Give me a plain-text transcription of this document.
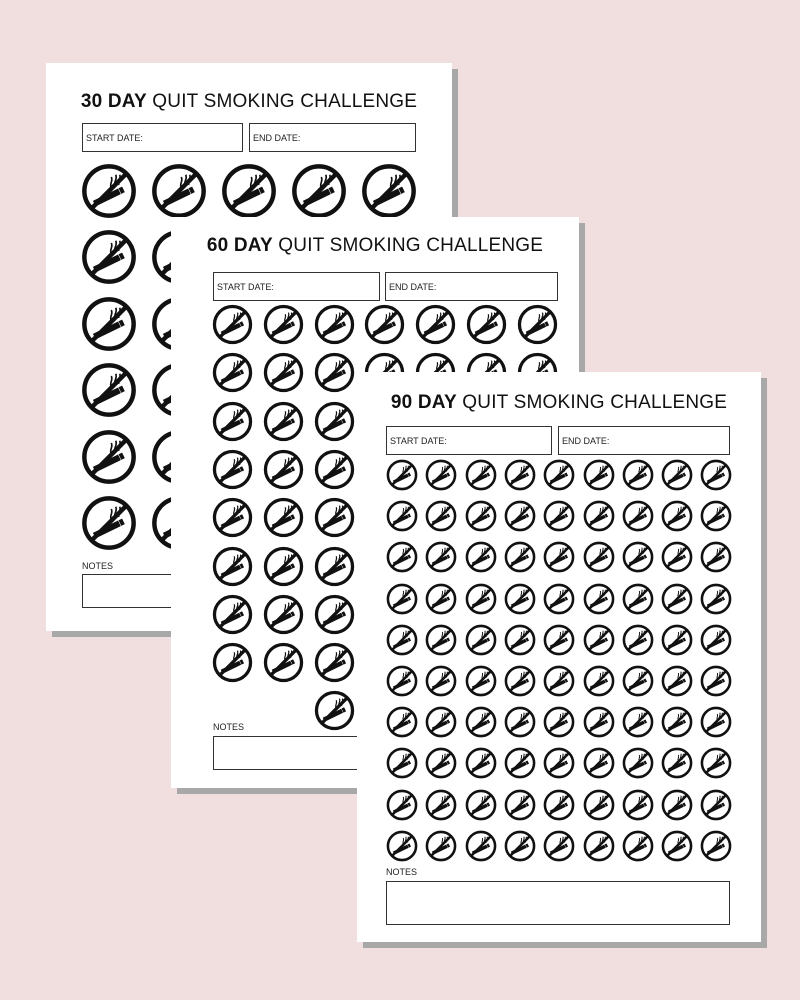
30 DAY QUIT SMOKING CHALLENGE
START DATE:	END DATE:
NOTES
60 DAY QUIT SMOKING CHALLENGE
START DATE:	END DATE:
NOTES
90 DAY QUIT SMOKING CHALLENGE
START DATE:	END DATE:
NOTES
